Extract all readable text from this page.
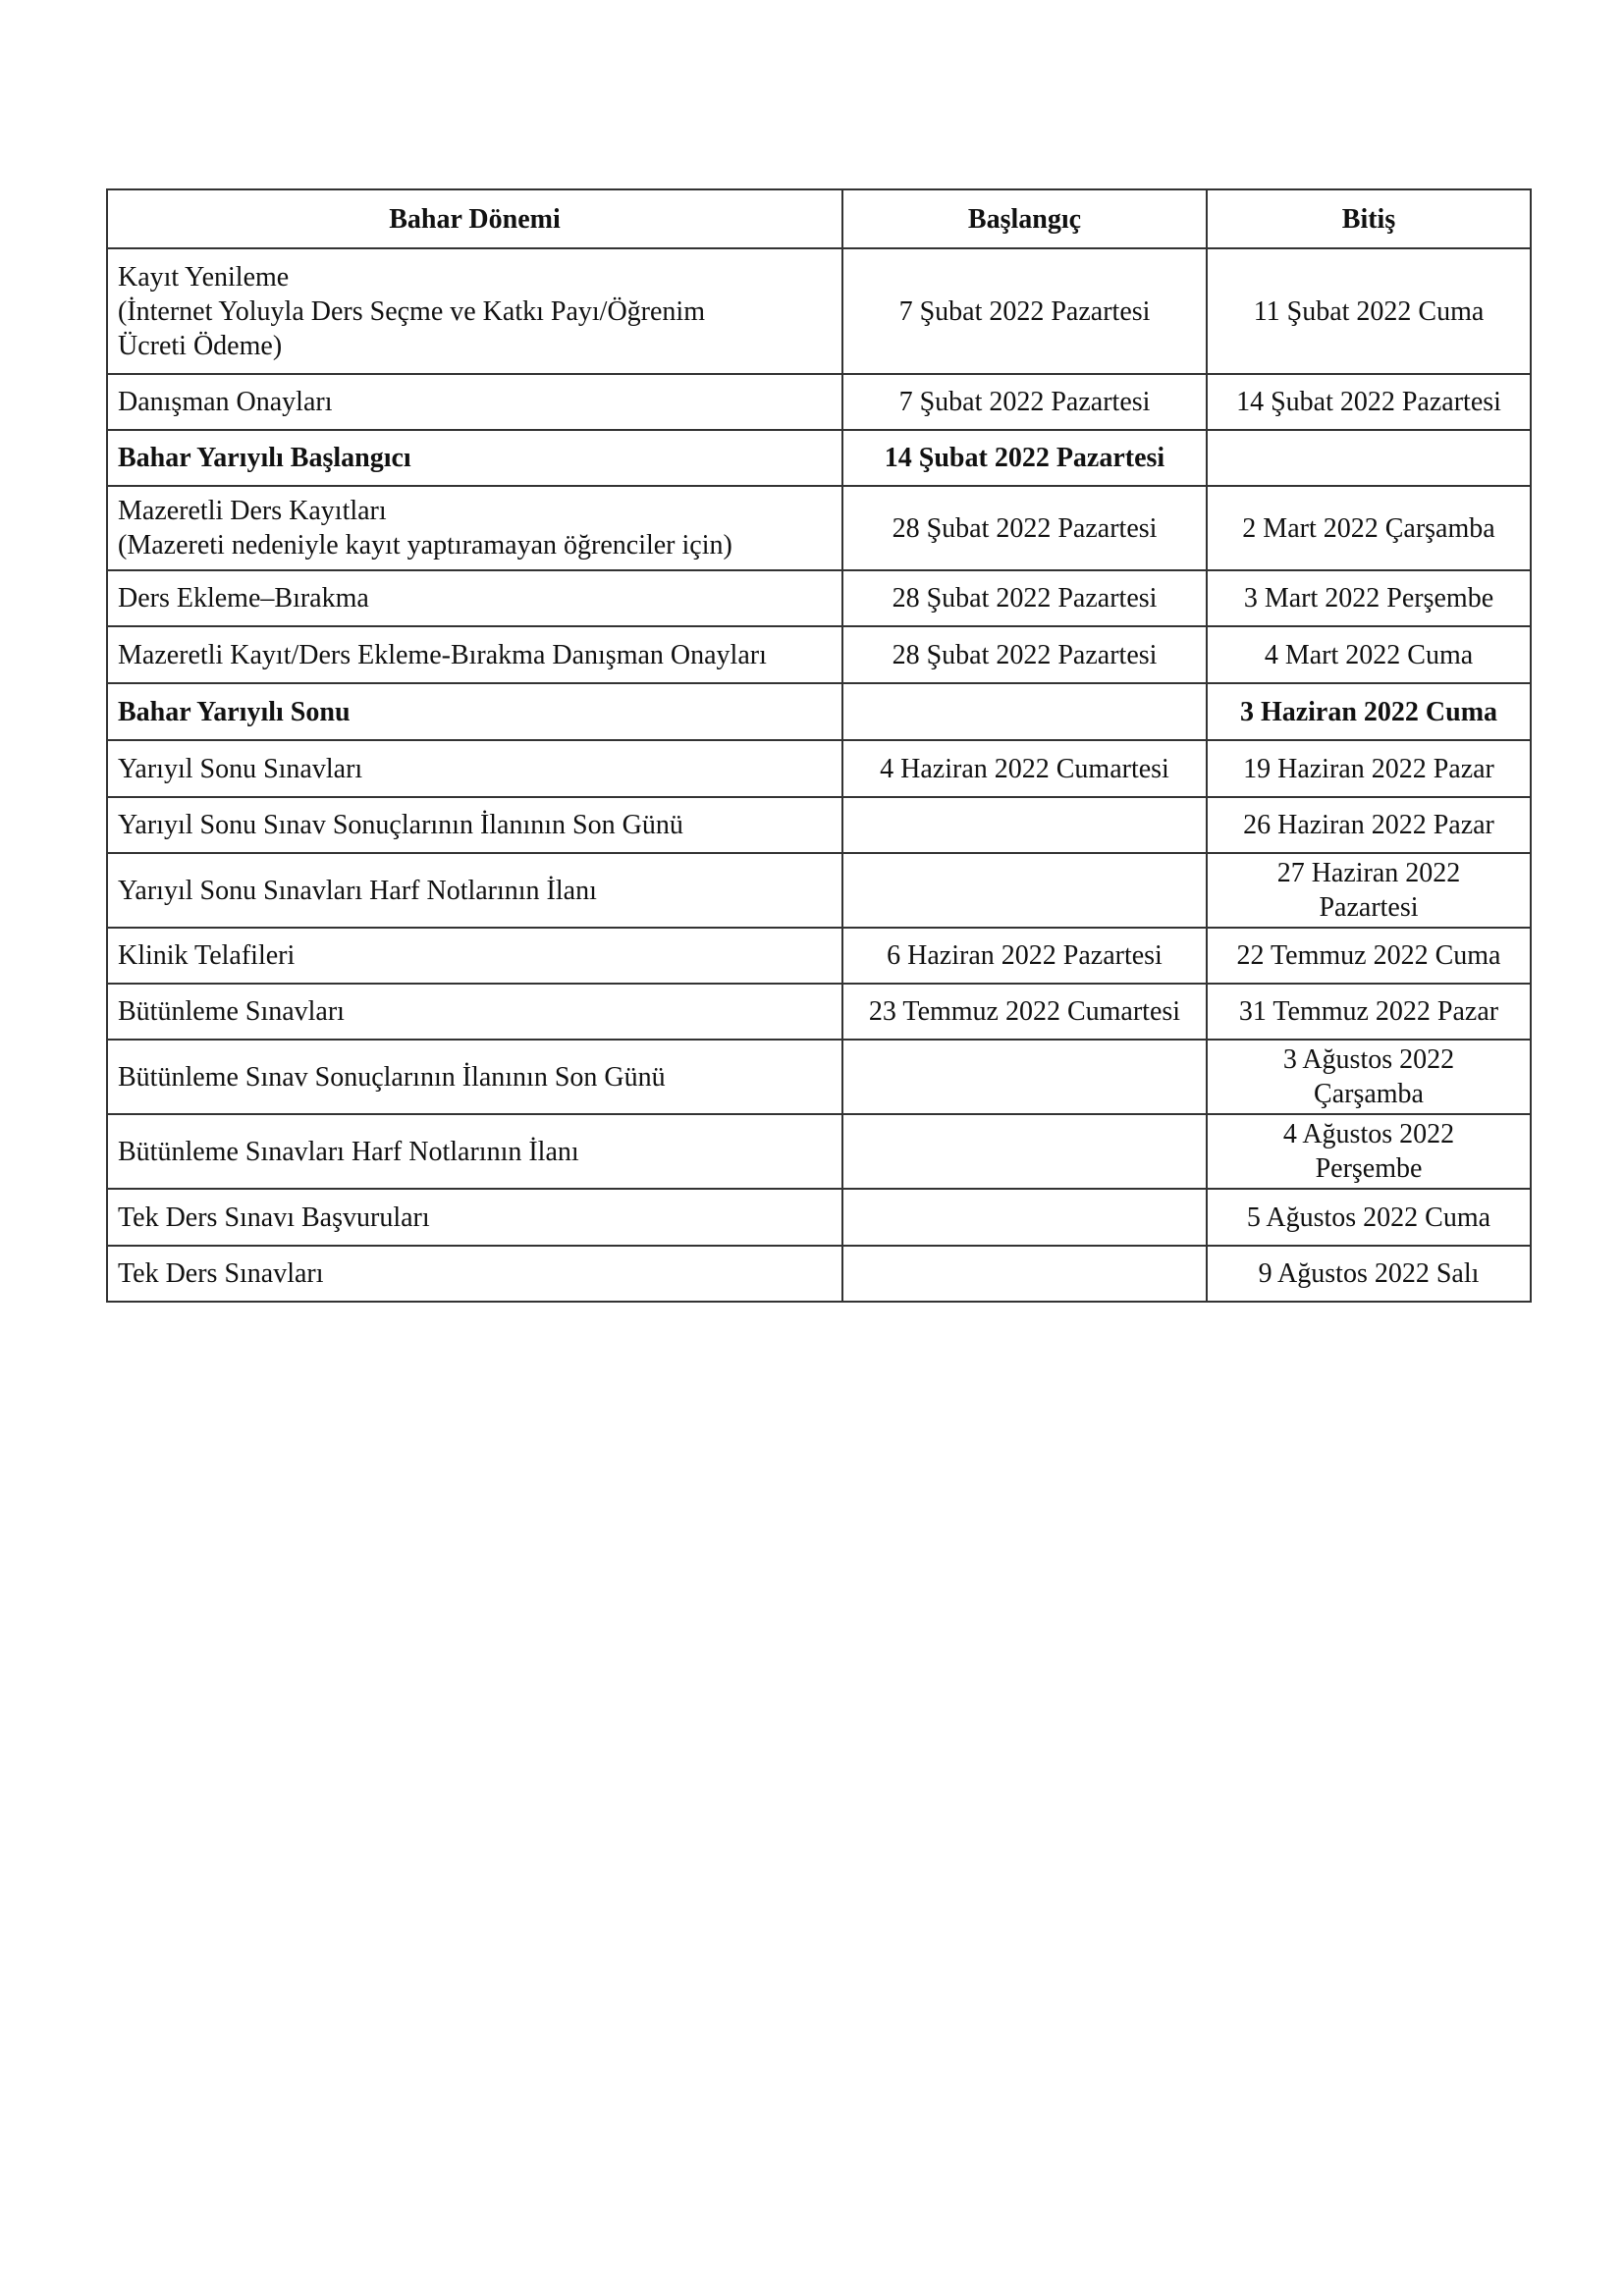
Bahar Dönemi	Başlangıç	Bitiş

Kayıt Yenileme
(İnternet Yoluyla Ders Seçme ve Katkı Payı/Öğrenim
Ücreti Ödeme)	7 Şubat 2022 Pazartesi	11 Şubat 2022 Cuma

Danışman Onayları	7 Şubat 2022 Pazartesi	14 Şubat 2022 Pazartesi

Bahar Yarıyılı Başlangıcı	14 Şubat 2022 Pazartesi	

Mazeretli Ders Kayıtları
(Mazereti nedeniyle kayıt yaptıramayan öğrenciler için)	28 Şubat 2022 Pazartesi	2 Mart 2022 Çarşamba

Ders Ekleme–Bırakma	28 Şubat 2022 Pazartesi	3 Mart 2022 Perşembe

Mazeretli Kayıt/Ders Ekleme-Bırakma Danışman Onayları	28 Şubat 2022 Pazartesi	4 Mart 2022 Cuma

Bahar Yarıyılı Sonu		3 Haziran 2022 Cuma

Yarıyıl Sonu Sınavları	4 Haziran 2022 Cumartesi	19 Haziran 2022 Pazar

Yarıyıl Sonu Sınav Sonuçlarının İlanının Son Günü		26 Haziran 2022 Pazar

Yarıyıl Sonu Sınavları Harf Notlarının İlanı		27 Haziran 2022
Pazartesi

Klinik Telafileri	6 Haziran 2022 Pazartesi	22 Temmuz 2022 Cuma

Bütünleme Sınavları	23 Temmuz 2022 Cumartesi	31 Temmuz 2022 Pazar

Bütünleme Sınav Sonuçlarının İlanının Son Günü		3 Ağustos 2022
Çarşamba

Bütünleme Sınavları Harf Notlarının İlanı		4 Ağustos 2022
Perşembe

Tek Ders Sınavı Başvuruları		5 Ağustos 2022 Cuma

Tek Ders Sınavları		9 Ağustos 2022 Salı
